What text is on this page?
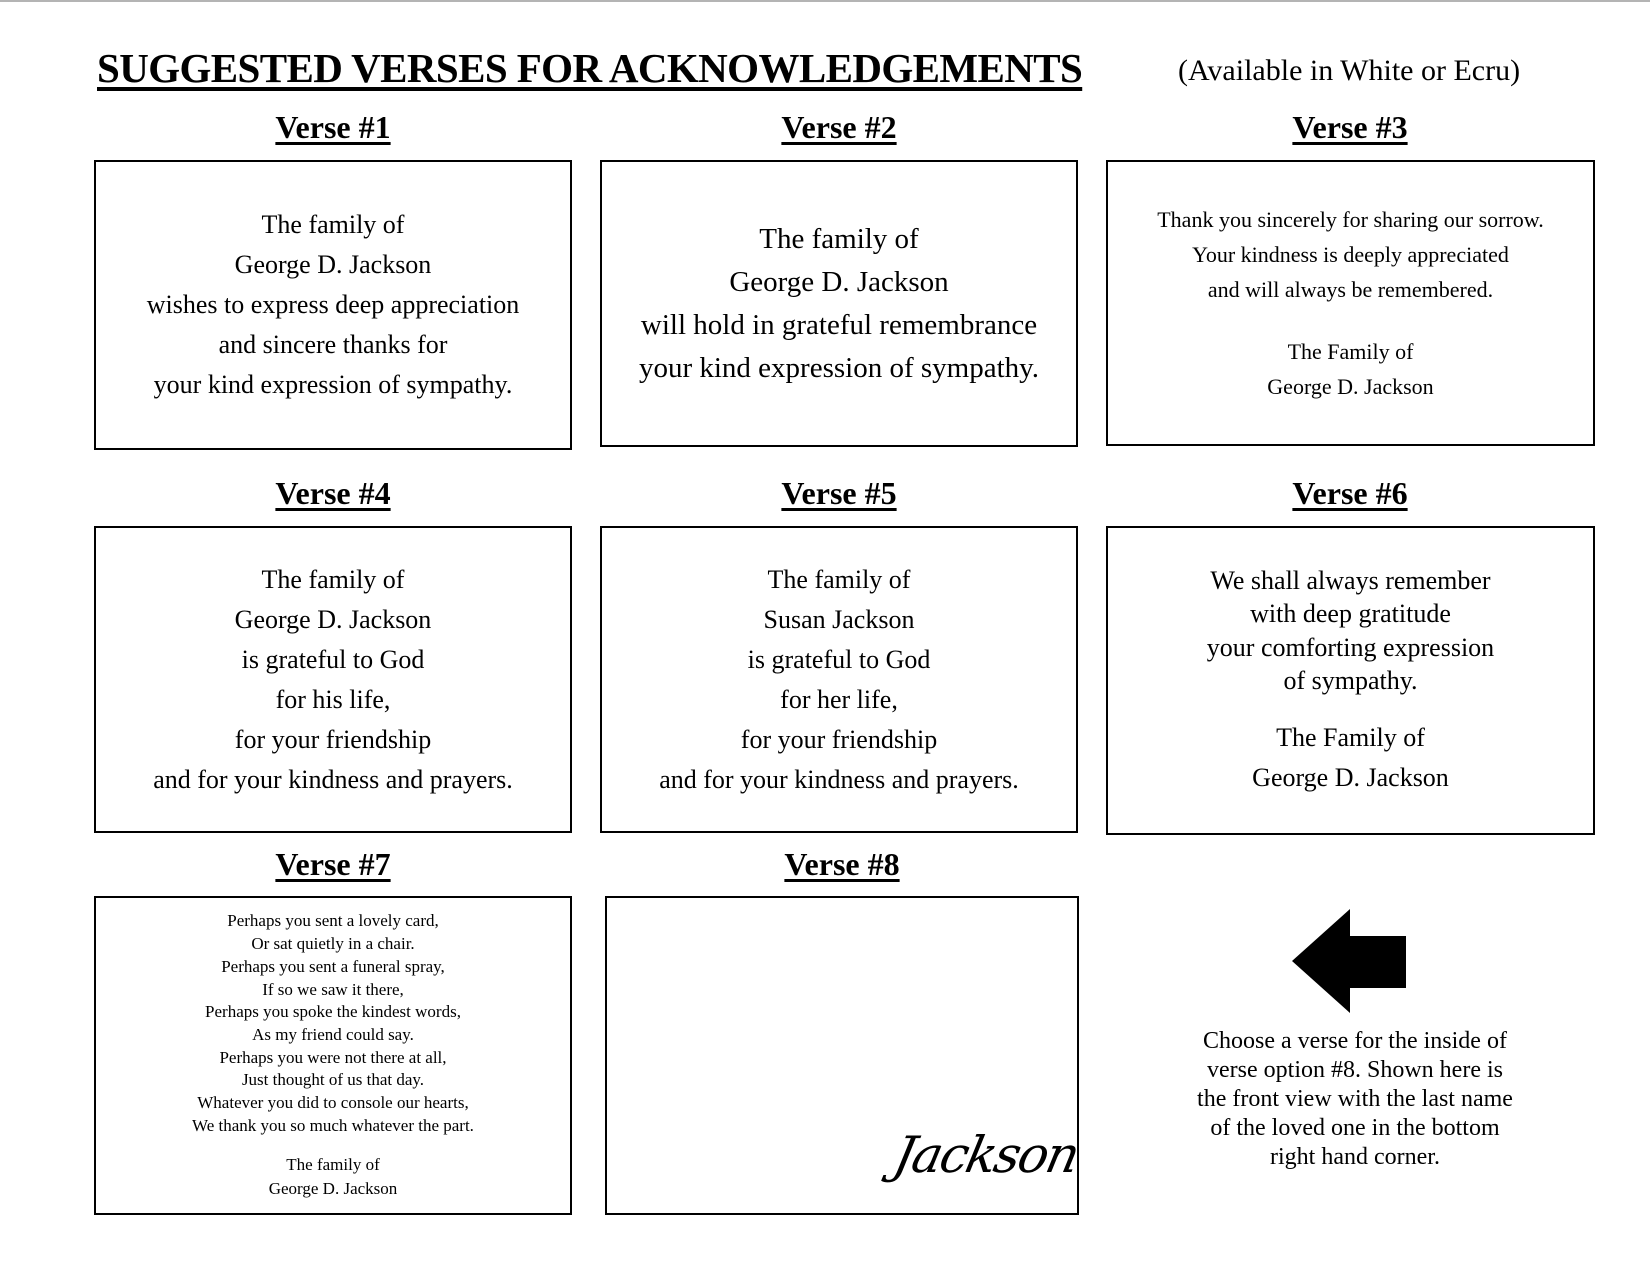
SUGGESTED VERSES FOR ACKNOWLEDGEMENTS	(Available in White or Ecru)
Verse #1	Verse #2	Verse #3
The family of
George D. Jackson
wishes to express deep appreciation
and sincere thanks for
your kind expression of sympathy.
The family of
George D. Jackson
will hold in grateful remembrance
your kind expression of sympathy.
Thank you sincerely for sharing our sorrow.
Your kindness is deeply appreciated
and will always be remembered.
The Family of
George D. Jackson
Verse #4	Verse #5	Verse #6
The family of
George D. Jackson
is grateful to God
for his life,
for your friendship
and for your kindness and prayers.
The family of
Susan Jackson
is grateful to God
for her life,
for your friendship
and for your kindness and prayers.
We shall always remember
with deep gratitude
your comforting expression
of sympathy.
The Family of
George D. Jackson
Verse #7	Verse #8
Perhaps you sent a lovely card,
Or sat quietly in a chair.
Perhaps you sent a funeral spray,
If so we saw it there,
Perhaps you spoke the kindest words,
As my friend could say.
Perhaps you were not there at all,
Just thought of us that day.
Whatever you did to console our hearts,
We thank you so much whatever the part.
The family of
George D. Jackson
Jackson
Choose a verse for the inside of
verse option #8. Shown here is
the front view with the last name
of the loved one in the bottom
right hand corner.
